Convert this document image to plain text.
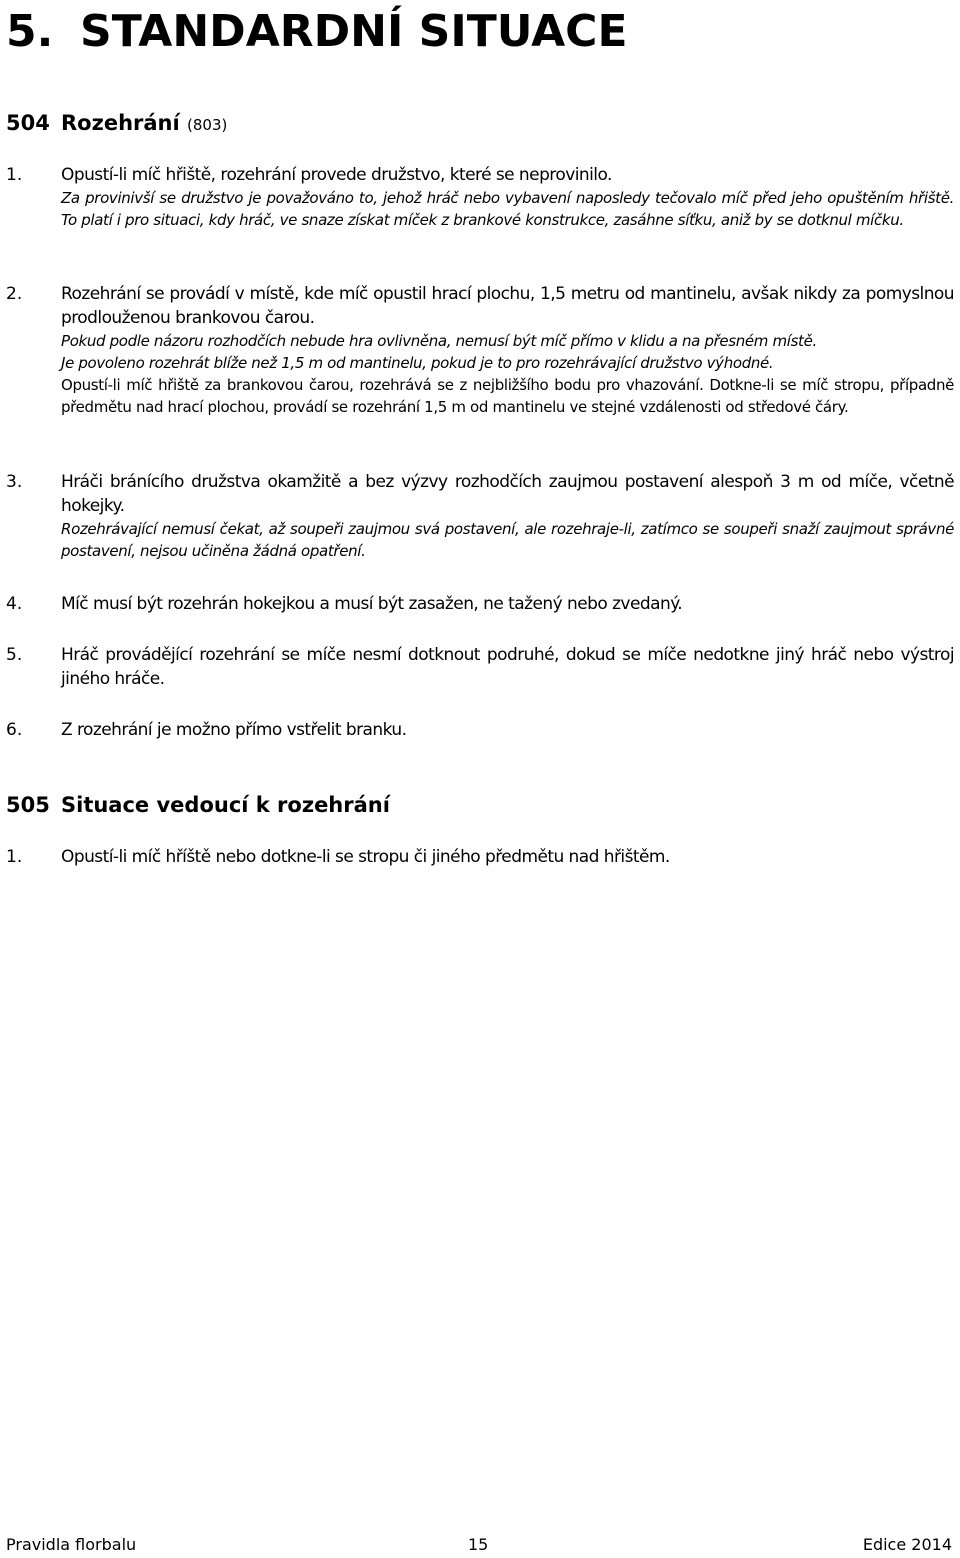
5. STANDARDNÍ SITUACE
504 Rozehrání (803)
1. Opustí-li míč hřiště, rozehrání provede družstvo, které se neprovinilo.

Za provinivší se družstvo je považováno to, jehož hráč nebo vybavení naposledy tečovalo míč před jeho opuštěním hřiště. To platí i pro situaci, kdy hráč, ve snaze získat míček z brankové konstrukce, zasáhne síťku, aniž by se dotknul míčku.

2. Rozehrání se provádí v místě, kde míč opustil hrací plochu, 1,5 metru od mantinelu, avšak nikdy za pomyslnou prodlouženou brankovou čarou.

Pokud podle názoru rozhodčích nebude hra ovlivněna, nemusí být míč přímo v klidu a na přesném místě.

Je povoleno rozehrát blíže než 1,5 m od mantinelu, pokud je to pro rozehrávající družstvo výhodné.

Opustí-li míč hřiště za brankovou čarou, rozehrává se z nejbližšího bodu pro vhazování. Dotkne-li se míč stropu, případně předmětu nad hrací plochou, provádí se rozehrání 1,5 m od mantinelu ve stejné vzdálenosti od středové čáry.

3. Hráči bránícího družstva okamžitě a bez výzvy rozhodčích zaujmou postavení alespoň 3 m od míče, včetně hokejky.

Rozehrávající nemusí čekat, až soupeři zaujmou svá postavení, ale rozehraje-li, zatímco se soupeři snaží zaujmout správné postavení, nejsou učiněna žádná opatření.

4. Míč musí být rozehrán hokejkou a musí být zasažen, ne tažený nebo zvedaný.

5. Hráč provádějící rozehrání se míče nesmí dotknout podruhé, dokud se míče nedotkne jiný hráč nebo výstroj jiného hráče.

6. Z rozehrání je možno přímo vstřelit branku.

505 Situace vedoucí k rozehrání
1. Opustí-li míč hříště nebo dotkne-li se stropu či jiného předmětu nad hřištěm.

Pravidla florbalu	15	Edice 2014
